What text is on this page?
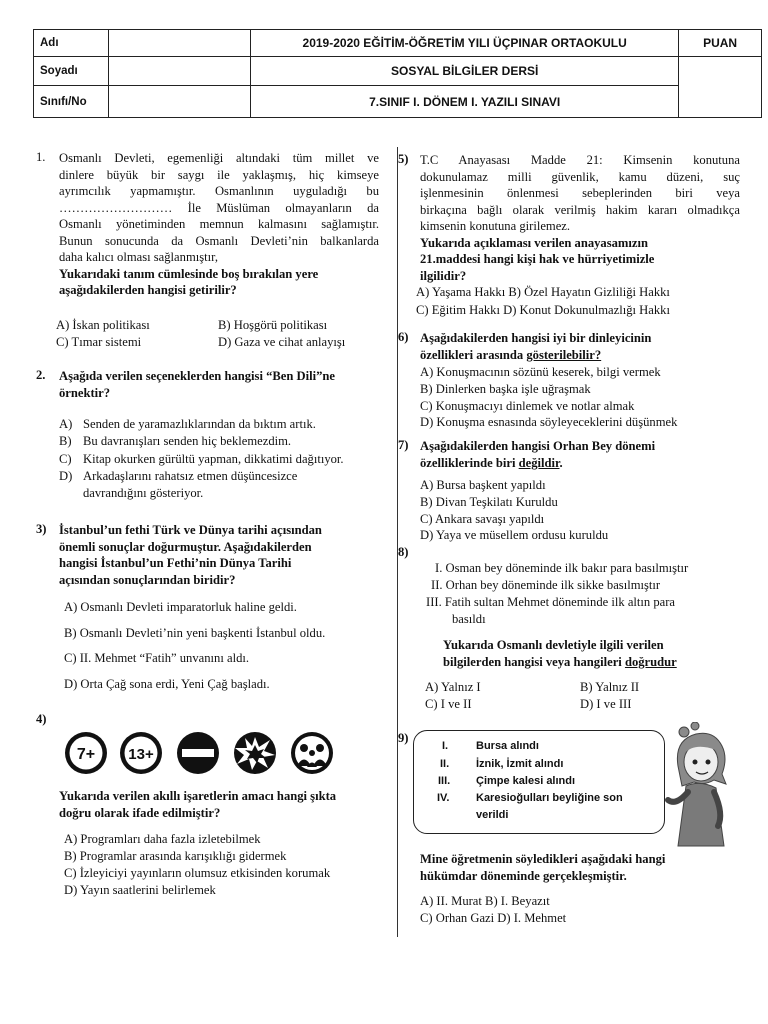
Adı		2019-2020 EĞİTİM-ÖĞRETİM YILI ÜÇPINAR ORTAOKULU	PUAN
Soyadı		SOSYAL BİLGİLER DERSİ	
Sınıfı/No		7.SINIF I. DÖNEM I. YAZILI SINAVI	
1. Osmanlı Devleti, egemenliği altındaki tüm millet ve
dinlere büyük bir saygı ile yaklaşmış, hiç kimseye
ayrımcılık yapmamıştır. Osmanlının uyguladığı bu
……………………… İle Müslüman olmayanların da
Osmanlı yönetiminden memnun kalmasını sağlamıştır.
Bunun sonucunda da Osmanlı Devleti’nin balkanlarda
daha kalıcı olması sağlanmıştır,
Yukarıdaki tanım cümlesinde boş bırakılan yere
aşağıdakilerden hangisi getirilir?
A) İskan politikası	B) Hoşgörü politikası
C) Tımar sistemi	D) Gaza ve cihat anlayışı
2. Aşağıda verilen seçeneklerden hangisi “Ben Dili”ne
örnektir?
A) Senden de yaramazlıklarından da bıktım artık.
B) Bu davranışları senden hiç beklemezdim.
C) Kitap okurken gürültü yapman, dikkatimi dağıtıyor.
D) Arkadaşlarını rahatsız etmen düşüncesizce
davrandığını gösteriyor.
3) İstanbul’un fethi Türk ve Dünya tarihi açısından
önemli sonuçlar doğurmuştur. Aşağıdakilerden
hangisi İstanbul’un Fethi’nin Dünya Tarihi
açısından sonuçlarından biridir?
A) Osmanlı Devleti imparatorluk haline geldi.
B) Osmanlı Devleti’nin yeni başkenti İstanbul oldu.
C) II. Mehmet “Fatih” unvanını aldı.
D) Orta Çağ sona erdi, Yeni Çağ başladı.
4)
7+ 13+
Yukarıda verilen akıllı işaretlerin amacı hangi şıkta
doğru olarak ifade edilmiştir?
A) Programları daha fazla izletebilmek
B) Programlar arasında karışıklığı gidermek
C) İzleyiciyi yayınların olumsuz etkisinden korumak
D) Yayın saatlerini belirlemek
5) T.C Anayasası Madde 21: Kimsenin konutuna
dokunulamaz milli güvenlik, kamu düzeni, suç
işlenmesinin önlenmesi sebeplerinden biri veya
birkaçına bağlı olarak verilmiş hakim kararı olmadıkça
kimsenin konutuna girilemez.
Yukarıda açıklaması verilen anayasamızın
21.maddesi hangi kişi hak ve hürriyetimizle
ilgilidir?
A) Yaşama Hakkı B) Özel Hayatın Gizliliği Hakkı
C) Eğitim Hakkı D) Konut Dokunulmazlığı Hakkı
6) Aşağıdakilerden hangisi iyi bir dinleyicinin
özellikleri arasında gösterilebilir?
A) Konuşmacının sözünü keserek, bilgi vermek
B) Dinlerken başka işle uğraşmak
C) Konuşmacıyı dinlemek ve notlar almak
D) Konuşma esnasında söyleyeceklerini düşünmek
7) Aşağıdakilerden hangisi Orhan Bey dönemi
özelliklerinde biri değildir.
A) Bursa başkent yapıldı
B) Divan Teşkilatı Kuruldu
C) Ankara savaşı yapıldı
D) Yaya ve müsellem ordusu kuruldu
8)
I. Osman bey döneminde ilk bakır para basılmıştır
II. Orhan bey döneminde ilk sikke basılmıştır
III. Fatih sultan Mehmet döneminde ilk altın para
basıldı
Yukarıda Osmanlı devletiyle ilgili verilen
bilgilerden hangisi veya hangileri doğrudur
A) Yalnız I	B) Yalnız II
C) I ve II	D) I ve III
9)
I.	Bursa alındı
II. İznik, İzmit alındı
III. Çimpe kalesi alındı
IV. Karesioğulları beyliğine son
verildi
Mine öğretmenin söyledikleri aşağıdaki hangi
hükümdar döneminde gerçekleşmiştir.
A) II. Murat B) I. Beyazıt
C) Orhan Gazi D) I. Mehmet
